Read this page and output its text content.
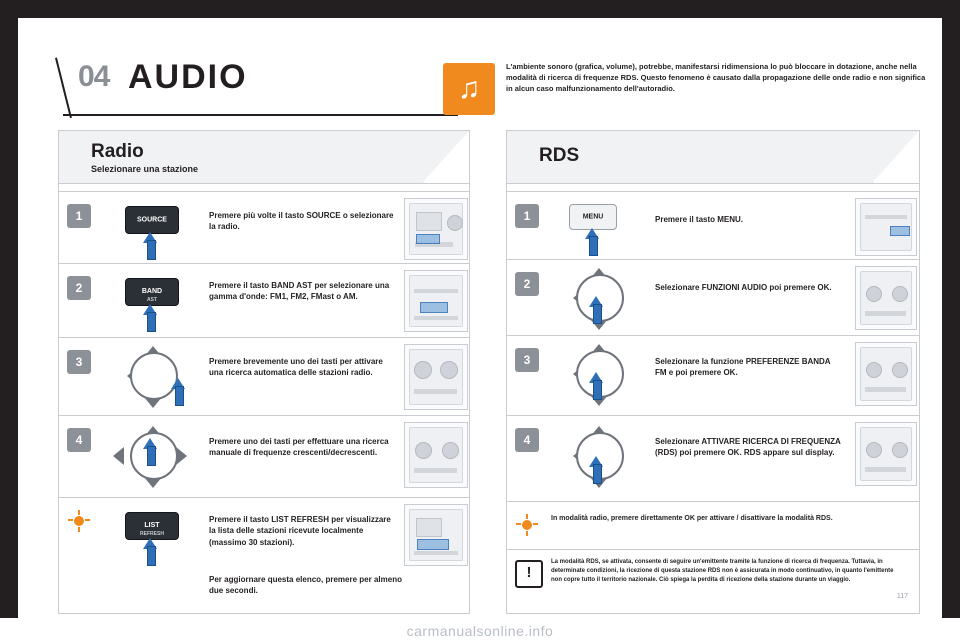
04 AUDIO	♫
L'ambiente sonoro (grafica, volume), potrebbe, manifestarsi ridimensiona lo può bloccare in dotazione, anche nella modalità di ricerca di frequenze RDS. Questo fenomeno è causato dalla propagazione delle onde radio e non significa in alcun caso malfunzionamento dell'autoradio.
Radio
Selezionare una stazione
1	SOURCE	Premere più volte il tasto SOURCE o selezionare la radio.
2	BAND
AST
Premere il tasto BAND AST per selezionare una gamma d'onde: FM1, FM2, FMast o AM.
3	Premere brevemente uno dei tasti per attivare una ricerca automatica delle stazioni radio.
4	Premere uno dei tasti per effettuare una ricerca manuale di frequenze crescenti/decrescenti.
LIST
REFRESH
Premere il tasto LIST REFRESH per visualizzare la lista delle stazioni ricevute localmente (massimo 30 stazioni).
Per aggiornare questa elenco, premere per almeno due secondi.
RDS
1	MENU	Premere il tasto MENU.
2	Selezionare FUNZIONI AUDIO poi premere OK.
3	Selezionare la funzione PREFERENZE BANDA FM e poi premere OK.
4	Selezionare ATTIVARE RICERCA DI FREQUENZA (RDS) poi premere OK. RDS appare sul display.
In modalità radio, premere direttamente OK per attivare / disattivare la modalità RDS.
!
La modalità RDS, se attivata, consente di seguire un'emittente tramite la funzione di ricerca di frequenza. Tuttavia, in determinate condizioni, la ricezione di questa stazione RDS non è assicurata in modo continuativo, in quanto l'emittente non copre tutto il territorio nazionale. Ciò spiega la perdita di ricezione della stazione durante un viaggio.
117
carmanualsonline.info
